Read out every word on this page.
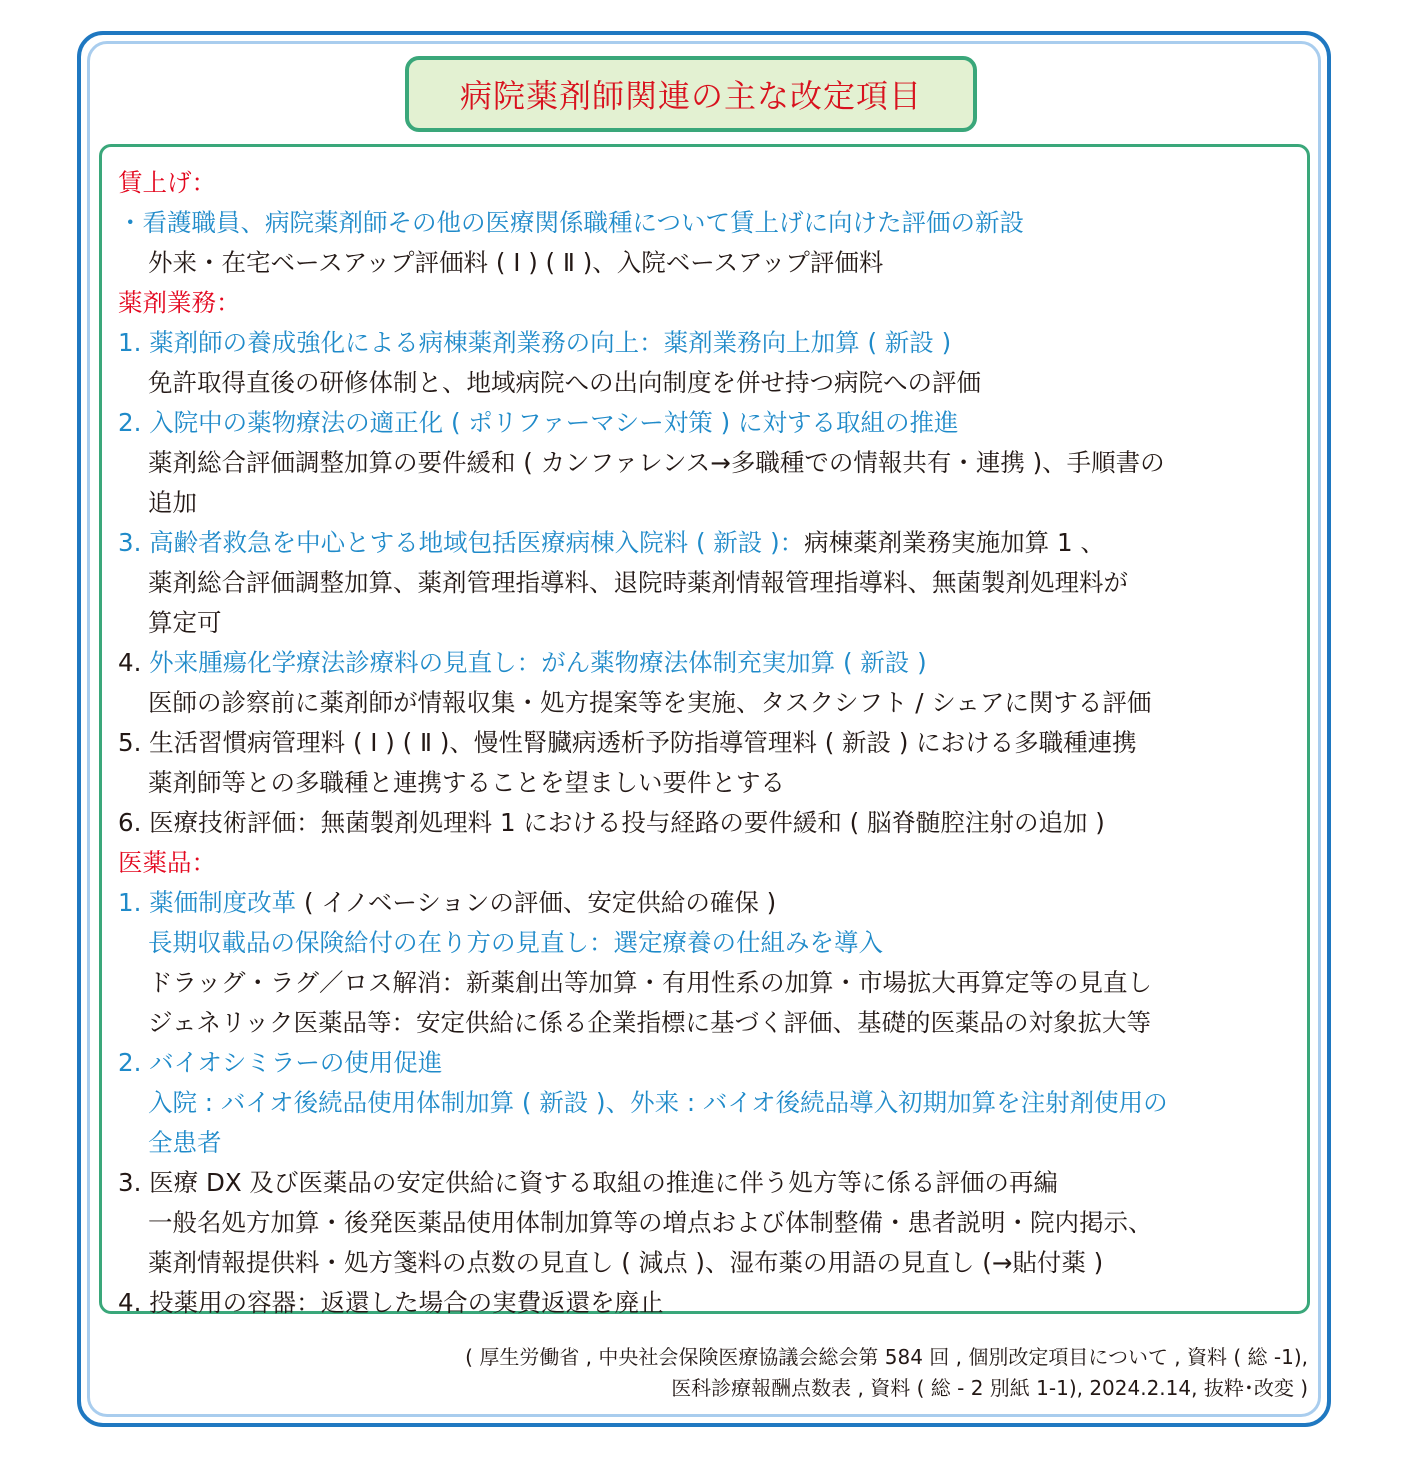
病院薬剤師関連の主な改定項目
賃上げ：
・看護職員、病院薬剤師その他の医療関係職種について賃上げに向けた評価の新設
外来・在宅ベースアップ評価料 ( Ⅰ ) ( Ⅱ )、入院ベースアップ評価料
薬剤業務：
1. 薬剤師の養成強化による病棟薬剤業務の向上：薬剤業務向上加算 ( 新設 )
免許取得直後の研修体制と、地域病院への出向制度を併せ持つ病院への評価
2. 入院中の薬物療法の適正化 ( ポリファーマシー対策 ) に対する取組の推進
薬剤総合評価調整加算の要件緩和 ( カンファレンス→多職種での情報共有・連携 )、手順書の
追加
3. 高齢者救急を中心とする地域包括医療病棟入院料 ( 新設 )：病棟薬剤業務実施加算 1 、
薬剤総合評価調整加算、薬剤管理指導料、退院時薬剤情報管理指導料、無菌製剤処理料が
算定可
4. 外来腫瘍化学療法診療料の見直し：がん薬物療法体制充実加算 ( 新設 )
医師の診察前に薬剤師が情報収集・処方提案等を実施、タスクシフト / シェアに関する評価
5. 生活習慣病管理料 ( Ⅰ ) ( Ⅱ )、慢性腎臓病透析予防指導管理料 ( 新設 ) における多職種連携
薬剤師等との多職種と連携することを望ましい要件とする
6. 医療技術評価：無菌製剤処理料 1 における投与経路の要件緩和 ( 脳脊髄腔注射の追加 )
医薬品：
1. 薬価制度改革 ( イノベーションの評価、安定供給の確保 )
長期収載品の保険給付の在り方の見直し：選定療養の仕組みを導入
ドラッグ・ラグ／ロス解消：新薬創出等加算・有用性系の加算・市場拡大再算定等の見直し
ジェネリック医薬品等：安定供給に係る企業指標に基づく評価、基礎的医薬品の対象拡大等
2. バイオシミラーの使用促進
入院 : バイオ後続品使用体制加算 ( 新設 )、外来 : バイオ後続品導入初期加算を注射剤使用の
全患者
3. 医療 DX 及び医薬品の安定供給に資する取組の推進に伴う処方等に係る評価の再編
一般名処方加算・後発医薬品使用体制加算等の増点および体制整備・患者説明・院内掲示、
薬剤情報提供料・処方箋料の点数の見直し ( 減点 )、湿布薬の用語の見直し (→貼付薬 )
4. 投薬用の容器：返還した場合の実費返還を廃止
( 厚生労働省 , 中央社会保険医療協議会総会第 584 回 , 個別改定項目について , 資料 ( 総 -1),
医科診療報酬点数表 , 資料 ( 総 - 2 別紙 1-1), 2024.2.14, 抜粋･改変 )
